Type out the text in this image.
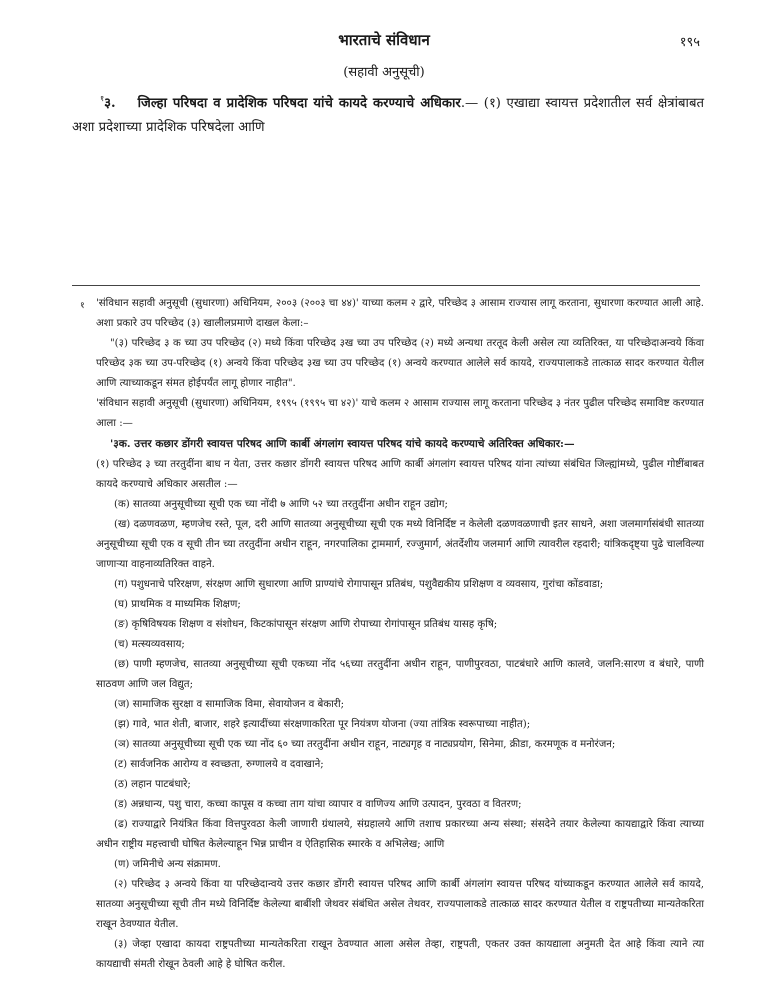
भारताचे संविधान	१९५
(सहावी अनुसूची)
$^१$३. जिल्हा परिषदा व प्रादेशिक परिषदा यांचे कायदे करण्याचे अधिकार.— (१) एखाद्या स्वायत्त प्रदेशातील सर्व क्षेत्रांबाबत अशा प्रदेशाच्या प्रादेशिक परिषदेला आणि
१	'संविधान सहावी अनुसूची (सुधारणा) अधिनियम, २००३ (२००३ चा ४४)' याच्या कलम २ द्वारे, परिच्छेद ३ आसाम राज्यास लागू करताना, सुधारणा करण्यात आली आहे. अशा प्रकारे उप परिच्छेद (३) खालीलप्रमाणे दाखल केला:–

"(३) परिच्छेद ३ क च्या उप परिच्छेद (२) मध्ये किंवा परिच्छेद ३ख च्या उप परिच्छेद (२) मध्ये अन्यथा तरतूद केली असेल त्या व्यतिरिक्त, या परिच्छेदाअन्वये किंवा परिच्छेद ३क च्या उप-परिच्छेद (१) अन्वये किंवा परिच्छेद ३ख च्या उप परिच्छेद (१) अन्वये करण्यात आलेले सर्व कायदे, राज्यपालाकडे तात्काळ सादर करण्यात येतील आणि त्याच्याकडून संमत होईपर्यंत लागू होणार नाहीत".

'संविधान सहावी अनुसूची (सुधारणा) अधिनियम, १९९५ (१९९५ चा ४२)' याचे कलम २ आसाम राज्यास लागू करताना परिच्छेद ३ नंतर पुढील परिच्छेद समाविष्ट करण्यात आला :—

'३क. उत्तर कछार डोंगरी स्वायत्त परिषद आणि कार्बी अंगलांग स्वायत्त परिषद यांचे कायदे करण्याचे अतिरिक्त अधिकार:—

(१) परिच्छेद ३ च्या तरतुदींना बाध न येता, उत्तर कछार डोंगरी स्वायत्त परिषद आणि कार्बी अंगलांग स्वायत्त परिषद यांना त्यांच्या संबंधित जिल्ह्यांमध्ये, पुढील गोष्टींबाबत कायदे करण्याचे अधिकार असतील :—

(क) सातव्या अनुसूचीच्या सूची एक च्या नोंदी ७ आणि ५२ च्या तरतुदींना अधीन राहून उद्योग;

(ख) दळणवळण, म्हणजेच रस्ते, पूल, दरी आणि सातव्या अनुसूचीच्या सूची एक मध्ये विनिर्दिष्ट न केलेली दळणवळणाची इतर साधने, अशा जलमार्गासंबंधी सातव्या अनुसूचीच्या सूची एक व सूची तीन च्या तरतुदींना अधीन राहून, नगरपालिका ट्राममार्ग, रज्जुमार्ग, अंतर्देशीय जलमार्ग आणि त्यावरील रहदारी; यांत्रिकदृष्ट्या पुढे चालविल्या जाणाऱ्या वाहनाव्यतिरिक्त वाहने.

(ग) पशुधनाचे परिरक्षण, संरक्षण आणि सुधारणा आणि प्राण्यांचे रोगापासून प्रतिबंध, पशुवैद्यकीय प्रशिक्षण व व्यवसाय, गुरांचा कोंडवाडा;

(घ) प्राथमिक व माध्यमिक शिक्षण;

(ङ) कृषिविषयक शिक्षण व संशोधन, किटकांपासून संरक्षण आणि रोपाच्या रोगांपासून प्रतिबंध यासह कृषि;

(च) मत्स्यव्यवसाय;

(छ) पाणी म्हणजेच, सातव्या अनुसूचीच्या सूची एकच्या नोंद ५६च्या तरतुदींना अधीन राहून, पाणीपुरवठा, पाटबंधारे आणि कालवे, जलनि:सारण व बंधारे, पाणी साठवण आणि जल विद्युत;

(ज) सामाजिक सुरक्षा व सामाजिक विमा, सेवायोजन व बेकारी;

(झ) गावे, भात शेती, बाजार, शहरे इत्यादींच्या संरक्षणाकरिता पूर नियंत्रण योजना (ज्या तांत्रिक स्वरूपाच्या नाहीत);

(ञ) सातव्या अनुसूचीच्या सूची एक च्या नोंद ६० च्या तरतुदींना अधीन राहून, नाट्यगृह व नाट्यप्रयोग, सिनेमा, क्रीडा, करमणूक व मनोरंजन;

(ट) सार्वजनिक आरोग्य व स्वच्छता, रुग्णालये व दवाखाने;

(ठ) लहान पाटबंधारे;

(ड) अन्नधान्य, पशु चारा, कच्चा कापूस व कच्चा ताग यांचा व्यापार व वाणिज्य आणि उत्पादन, पुरवठा व वितरण;

(ढ) राज्याद्वारे नियंत्रित किंवा वित्तपुरवठा केली जाणारी ग्रंथालये, संग्रहालये आणि तशाच प्रकारच्या अन्य संस्था; संसदेने तयार केलेल्या कायद्याद्वारे किंवा त्याच्या अधीन राष्ट्रीय महत्त्वाची घोषित केलेल्याहून भिन्न प्राचीन व ऐतिहासिक स्मारके व अभिलेख; आणि

(ण) जमिनीचे अन्य संक्रामण.

(२) परिच्छेद ३ अन्वये किंवा या परिच्छेदान्वये उत्तर कछार डोंगरी स्वायत्त परिषद आणि कार्बी अंगलांग स्वायत्त परिषद यांच्याकडून करण्यात आलेले सर्व कायदे, सातव्या अनुसूचीच्या सूची तीन मध्ये विनिर्दिष्ट केलेल्या बाबींशी जेथवर संबंधित असेल तेथवर, राज्यपालाकडे तात्काळ सादर करण्यात येतील व राष्ट्रपतीच्या मान्यतेकरिता राखून ठेवण्यात येतील.

(३) जेव्हा एखादा कायदा राष्ट्रपतीच्या मान्यतेकरिता राखून ठेवण्यात आला असेल तेव्हा, राष्ट्रपती, एकतर उक्त कायद्याला अनुमती देत आहे किंवा त्याने त्या कायद्याची संमती रोखून ठेवली आहे हे घोषित करील.
